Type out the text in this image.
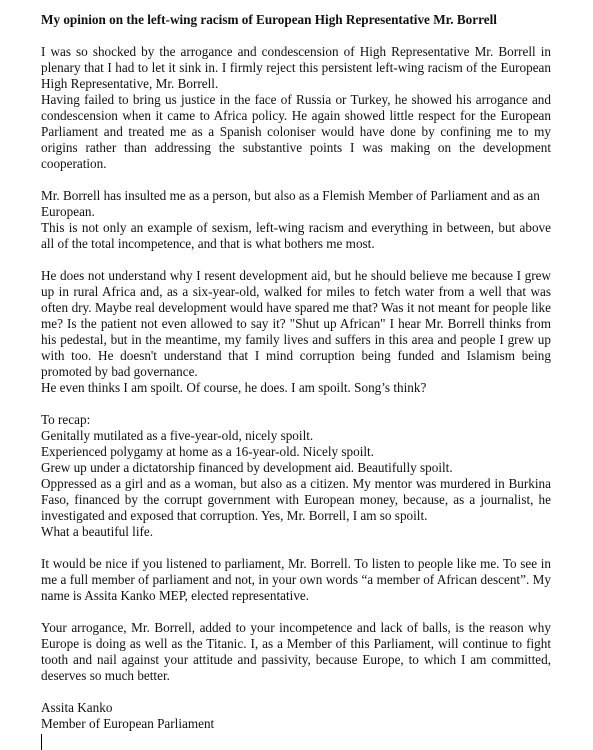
My opinion on the left-wing racism of European High Representative Mr. Borrell

I was so shocked by the arrogance and condescension of High Representative Mr. Borrell in plenary that I had to let it sink in. I firmly reject this persistent left-wing racism of the European High Representative, Mr. Borrell.

Having failed to bring us justice in the face of Russia or Turkey, he showed his arrogance and condescension when it came to Africa policy. He again showed little respect for the European Parliament and treated me as a Spanish coloniser would have done by confining me to my origins rather than addressing the substantive points I was making on the development cooperation.

Mr. Borrell has insulted me as a person, but also as a Flemish Member of Parliament and as an European.

This is not only an example of sexism, left-wing racism and everything in between, but above all of the total incompetence, and that is what bothers me most.

He does not understand why I resent development aid, but he should believe me because I grew up in rural Africa and, as a six-year-old, walked for miles to fetch water from a well that was often dry. Maybe real development would have spared me that? Was it not meant for people like me? Is the patient not even allowed to say it? "Shut up African" I hear Mr. Borrell thinks from his pedestal, but in the meantime, my family lives and suffers in this area and people I grew up with too. He doesn't understand that I mind corruption being funded and Islamism being promoted by bad governance.

He even thinks I am spoilt. Of course, he does. I am spoilt. Song’s think?

To recap:

Genitally mutilated as a five-year-old, nicely spoilt.

Experienced polygamy at home as a 16-year-old. Nicely spoilt.

Grew up under a dictatorship financed by development aid. Beautifully spoilt.

Oppressed as a girl and as a woman, but also as a citizen. My mentor was murdered in Burkina Faso, financed by the corrupt government with European money, because, as a journalist, he investigated and exposed that corruption. Yes, Mr. Borrell, I am so spoilt.

What a beautiful life.

It would be nice if you listened to parliament, Mr. Borrell. To listen to people like me. To see in me a full member of parliament and not, in your own words “a member of African descent”. My name is Assita Kanko MEP, elected representative.

Your arrogance, Mr. Borrell, added to your incompetence and lack of balls, is the reason why Europe is doing as well as the Titanic. I, as a Member of this Parliament, will continue to fight tooth and nail against your attitude and passivity, because Europe, to which I am committed, deserves so much better.

Assita Kanko

Member of European Parliament
